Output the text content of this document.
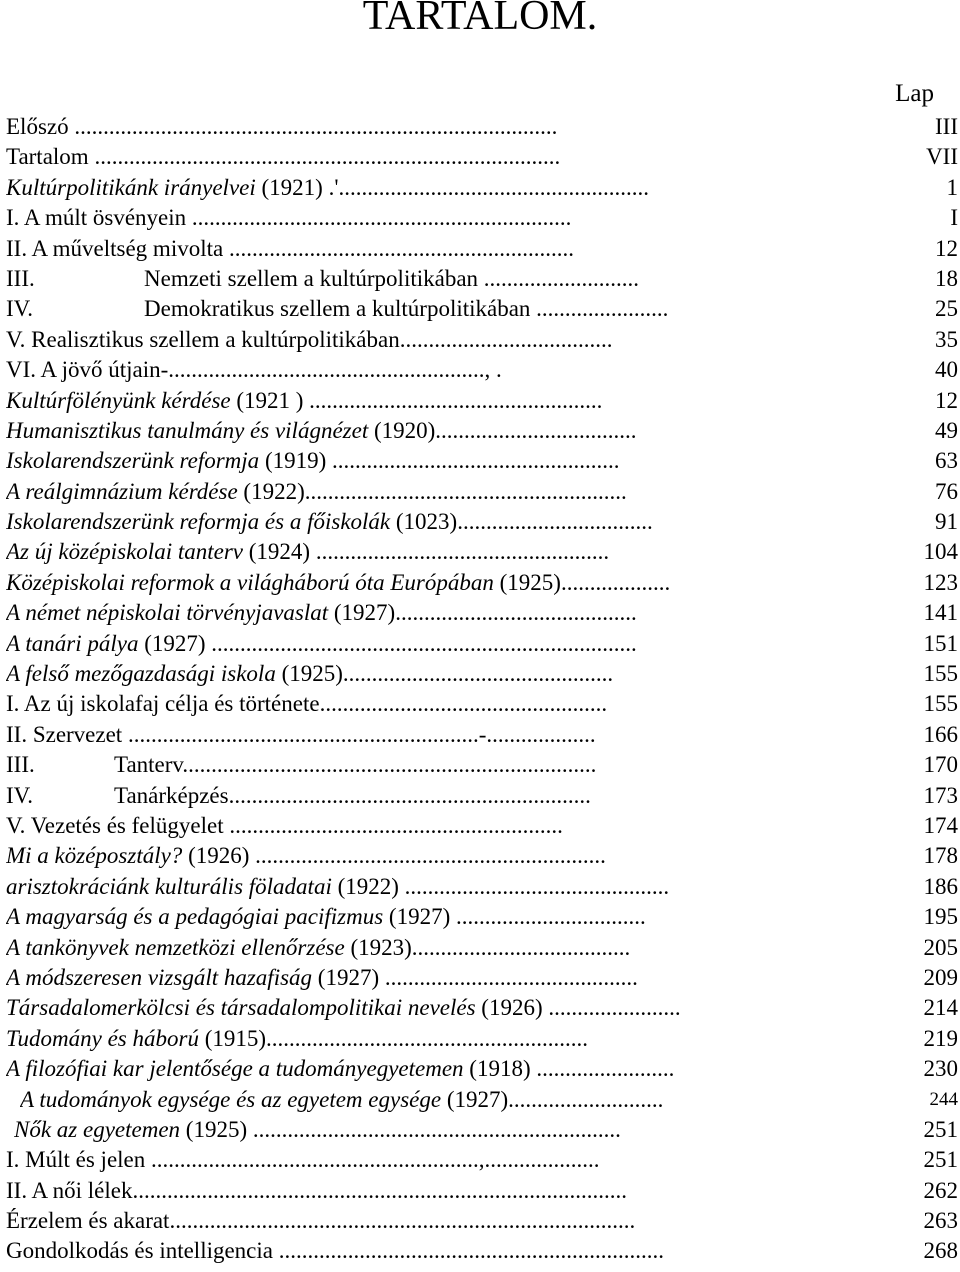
TARTALOM.
Lap
Előszó ....................................................................................	III
Tartalom .................................................................................	VII
Kultúrpolitikánk irányelvei (1921) .'......................................................	1
I. A múlt ösvényein ..................................................................	I
II. A műveltség mivolta ............................................................	12
III.	Nemzeti szellem a kultúrpolitikában ...........................	18
IV.	Demokratikus szellem a kultúrpolitikában .......................	25
V. Realisztikus szellem a kultúrpolitikában.....................................	35
VI. A jövő útjain-......................................................., .	40
Kultúrfölényünk kérdése (1921 ) ...................................................	12
Humanisztikus tanulmány és világnézet (1920)...................................	49
Iskolarendszerünk reformja (1919) ..................................................	63
A reálgimnázium kérdése (1922)........................................................	76
Iskolarendszerünk reformja és a főiskolák (1023)..................................	91
Az új középiskolai tanterv (1924) ...................................................	104
Középiskolai reformok a világháború óta Európában (1925)...................	123
A német népiskolai törvényjavaslat (1927)..........................................	141
A tanári pálya (1927) ..........................................................................	151
A felső mezőgazdasági iskola (1925)...............................................	155
I. Az új iskolafaj célja és története..................................................	155
II. Szervezet .............................................................-...................	166
III.	Tanterv........................................................................	170
IV.	Tanárképzés...............................................................	173
V. Vezetés és felügyelet ..........................................................	174
Mi a középosztály? (1926) .............................................................	178
arisztokráciánk kulturális föladatai (1922) ..............................................	186
A magyarság és a pedagógiai pacifizmus (1927) .................................	195
A tankönyvek nemzetközi ellenőrzése (1923)......................................	205
A módszeresen vizsgált hazafiság (1927) ............................................	209
Társadalomerkölcsi és társadalompolitikai nevelés (1926) .......................	214
Tudomány és háború (1915)........................................................	219
A filozófiai kar jelentősége a tudományegyetemen (1918) ........................	230
A tudományok egysége és az egyetem egysége (1927)...........................	244
Nők az egyetemen (1925) ................................................................	251
I. Múlt és jelen .........................................................,....................	251
II. A női lélek......................................................................................	262
Érzelem és akarat.................................................................................	263
Gondolkodás és intelligencia ...................................................................	268
